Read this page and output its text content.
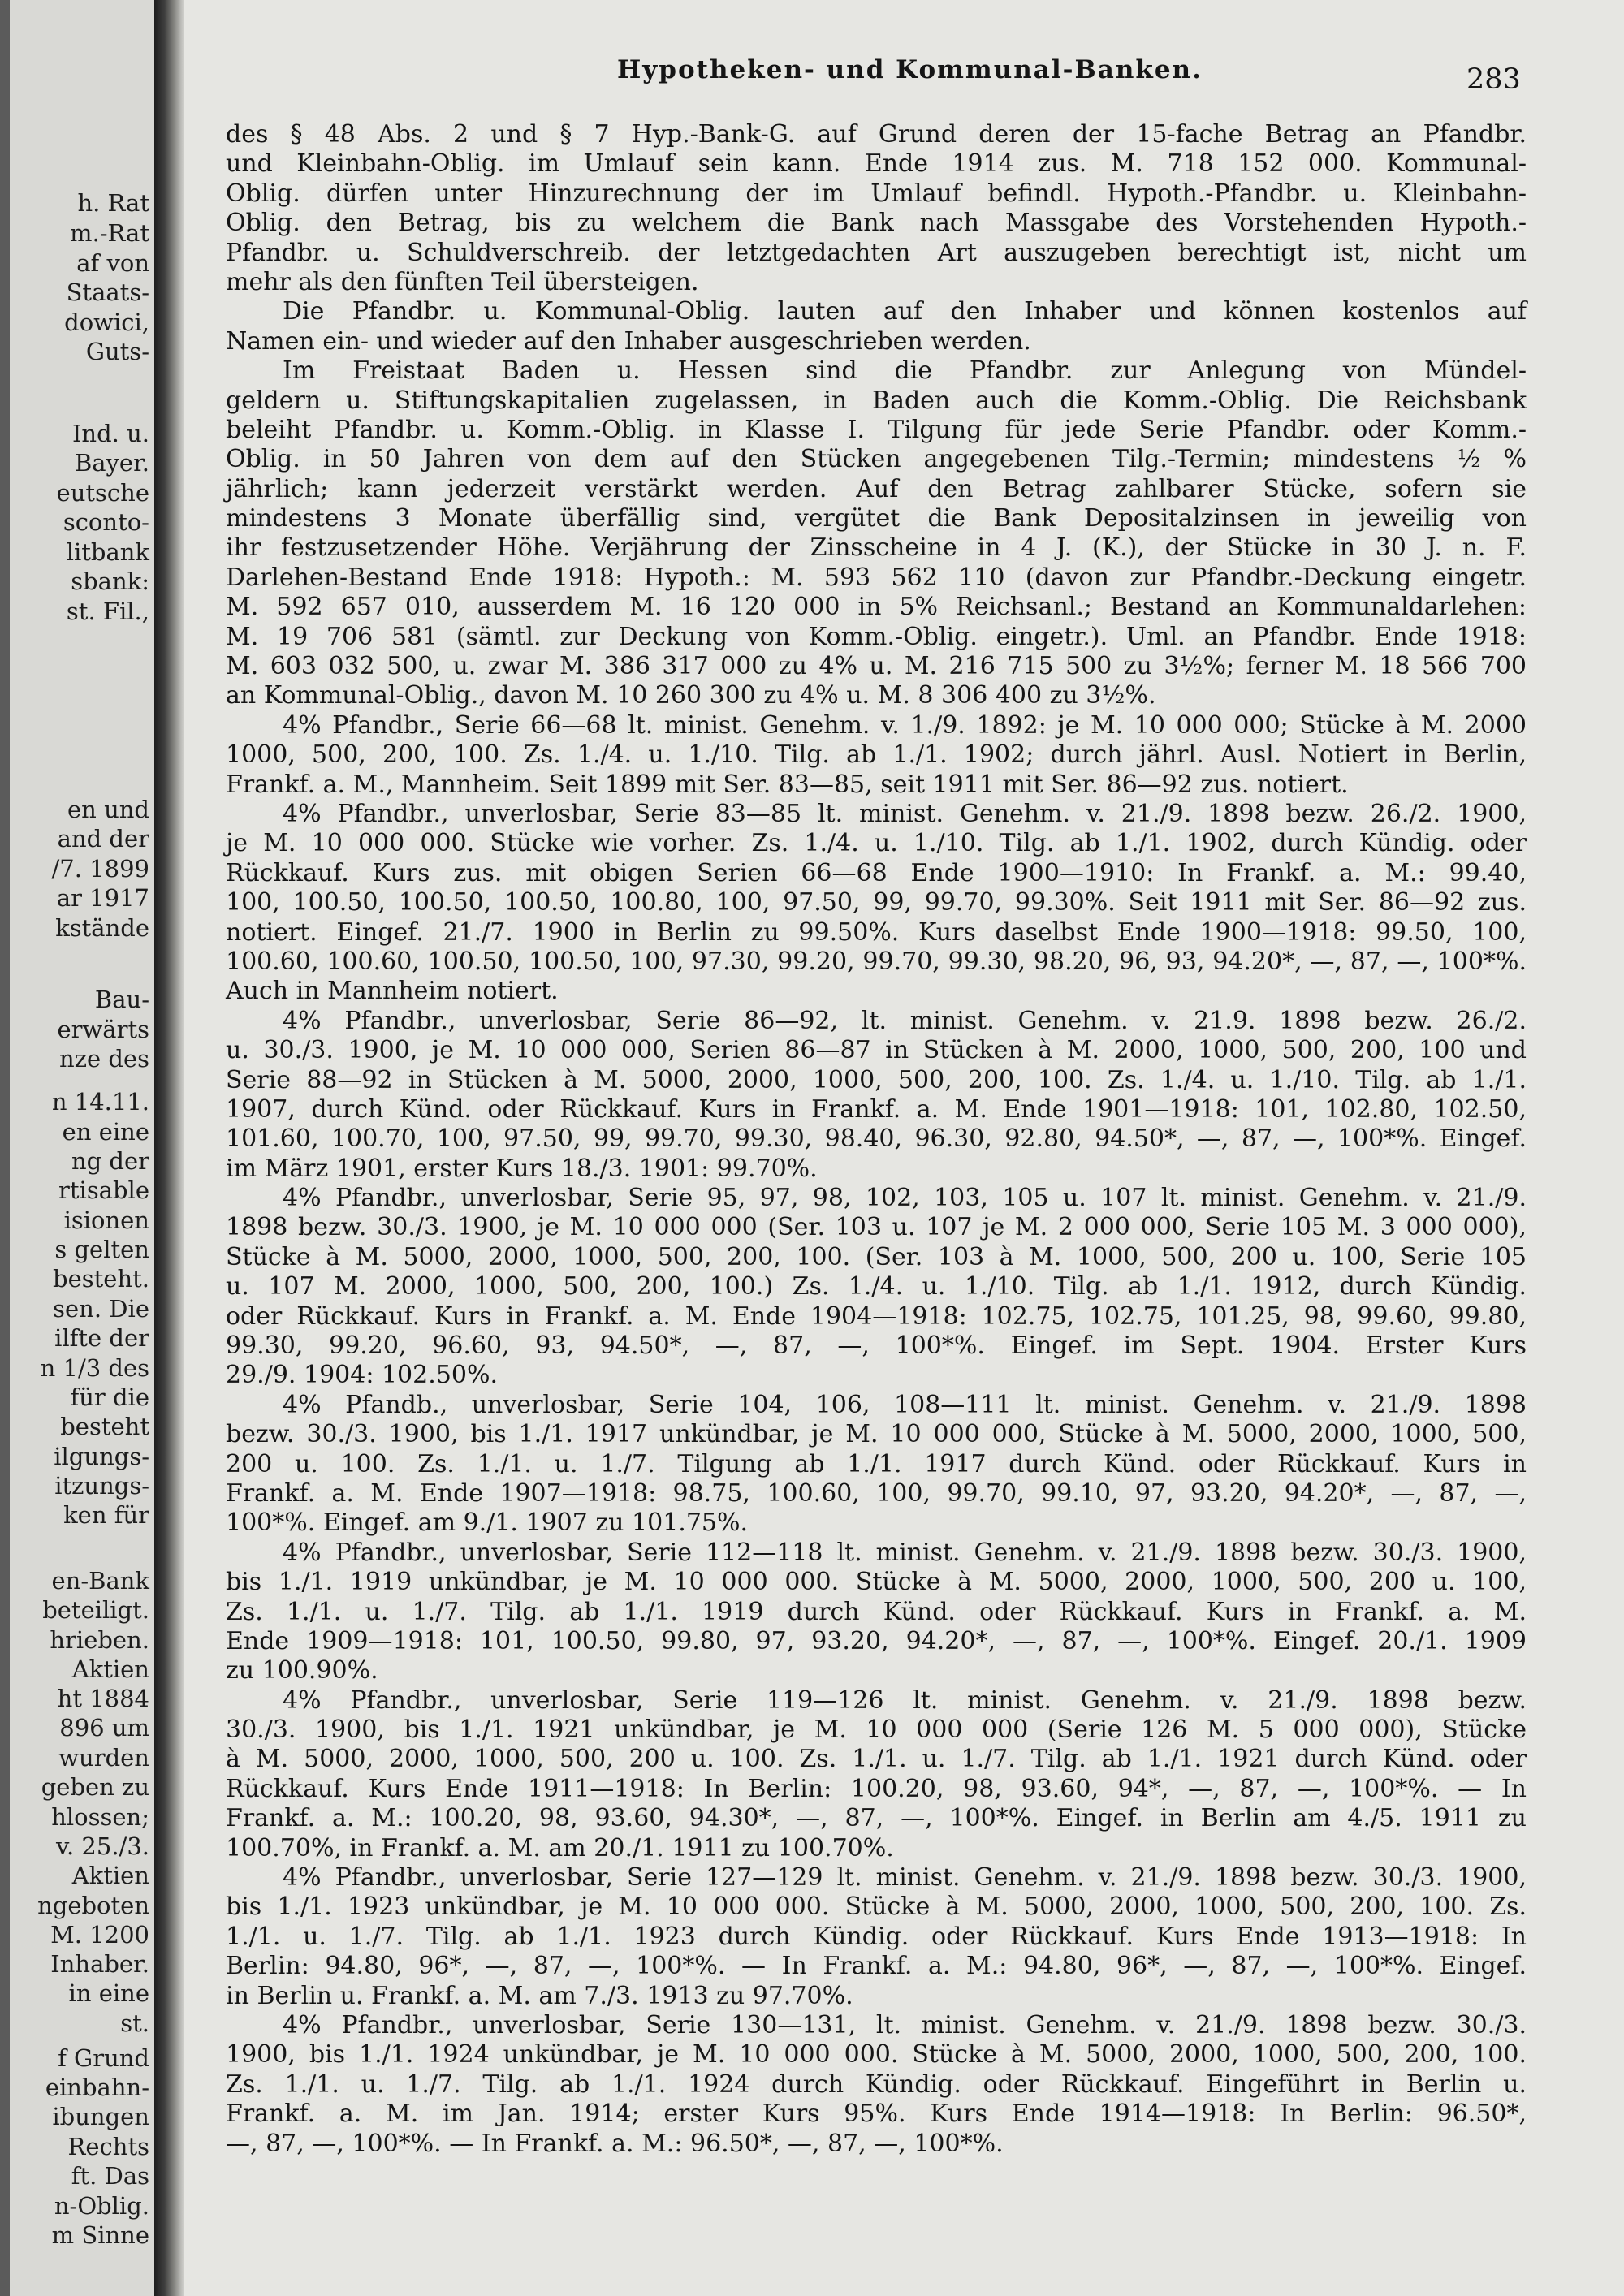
h. Rat
m.-Rat
af von
Staats-
dowici,
Guts-
Ind. u.
Bayer.
eutsche
sconto-
litbank
sbank:
st. Fil.,
en und
and der
/7. 1899
ar 1917
kstände
Bau-
erwärts
nze des
n 14.11.
en eine
ng der
rtisable
isionen
s gelten
besteht.
sen. Die
ilfte der
n 1/3 des
für die
besteht
ilgungs-
itzungs-
ken für
en-Bank
beteiligt.
hrieben.
Aktien
ht 1884
896 um
wurden
geben zu
hlossen;
v. 25./3.
Aktien
ngeboten
M. 1200
Inhaber.
in eine
st.
f Grund
einbahn-
ibungen
Rechts
ft. Das
n-Oblig.
m Sinne
Hypotheken- und Kommunal-Banken.	283
des § 48 Abs. 2 und § 7 Hyp.-Bank-G. auf Grund deren der 15-fache Betrag an Pfandbr.
und Kleinbahn-Oblig. im Umlauf sein kann. Ende 1914 zus. M. 718 152 000. Kommunal-
Oblig. dürfen unter Hinzurechnung der im Umlauf befindl. Hypoth.-Pfandbr. u. Kleinbahn-
Oblig. den Betrag, bis zu welchem die Bank nach Massgabe des Vorstehenden Hypoth.-
Pfandbr. u. Schuldverschreib. der letztgedachten Art auszugeben berechtigt ist, nicht um
mehr als den fünften Teil übersteigen.
Die Pfandbr. u. Kommunal-Oblig. lauten auf den Inhaber und können kostenlos auf
Namen ein- und wieder auf den Inhaber ausgeschrieben werden.
Im Freistaat Baden u. Hessen sind die Pfandbr. zur Anlegung von Mündel-
geldern u. Stiftungskapitalien zugelassen, in Baden auch die Komm.-Oblig. Die Reichsbank
beleiht Pfandbr. u. Komm.-Oblig. in Klasse I. Tilgung für jede Serie Pfandbr. oder Komm.-
Oblig. in 50 Jahren von dem auf den Stücken angegebenen Tilg.-Termin; mindestens ½ %
jährlich; kann jederzeit verstärkt werden. Auf den Betrag zahlbarer Stücke, sofern sie
mindestens 3 Monate überfällig sind, vergütet die Bank Depositalzinsen in jeweilig von
ihr festzusetzender Höhe. Verjährung der Zinsscheine in 4 J. (K.), der Stücke in 30 J. n. F.
Darlehen-Bestand Ende 1918: Hypoth.: M. 593 562 110 (davon zur Pfandbr.-Deckung eingetr.
M. 592 657 010, ausserdem M. 16 120 000 in 5% Reichsanl.; Bestand an Kommunaldarlehen:
M. 19 706 581 (sämtl. zur Deckung von Komm.-Oblig. eingetr.). Uml. an Pfandbr. Ende 1918:
M. 603 032 500, u. zwar M. 386 317 000 zu 4% u. M. 216 715 500 zu 3½%; ferner M. 18 566 700
an Kommunal-Oblig., davon M. 10 260 300 zu 4% u. M. 8 306 400 zu 3½%.
4% Pfandbr., Serie 66—68 lt. minist. Genehm. v. 1./9. 1892: je M. 10 000 000; Stücke à M. 2000
1000, 500, 200, 100. Zs. 1./4. u. 1./10. Tilg. ab 1./1. 1902; durch jährl. Ausl. Notiert in Berlin,
Frankf. a. M., Mannheim. Seit 1899 mit Ser. 83—85, seit 1911 mit Ser. 86—92 zus. notiert.
4% Pfandbr., unverlosbar, Serie 83—85 lt. minist. Genehm. v. 21./9. 1898 bezw. 26./2. 1900,
je M. 10 000 000. Stücke wie vorher. Zs. 1./4. u. 1./10. Tilg. ab 1./1. 1902, durch Kündig. oder
Rückkauf. Kurs zus. mit obigen Serien 66—68 Ende 1900—1910: In Frankf. a. M.: 99.40,
100, 100.50, 100.50, 100.50, 100.80, 100, 97.50, 99, 99.70, 99.30%. Seit 1911 mit Ser. 86—92 zus.
notiert. Eingef. 21./7. 1900 in Berlin zu 99.50%. Kurs daselbst Ende 1900—1918: 99.50, 100,
100.60, 100.60, 100.50, 100.50, 100, 97.30, 99.20, 99.70, 99.30, 98.20, 96, 93, 94.20*, —, 87, —, 100*%.
Auch in Mannheim notiert.
4% Pfandbr., unverlosbar, Serie 86—92, lt. minist. Genehm. v. 21.9. 1898 bezw. 26./2.
u. 30./3. 1900, je M. 10 000 000, Serien 86—87 in Stücken à M. 2000, 1000, 500, 200, 100 und
Serie 88—92 in Stücken à M. 5000, 2000, 1000, 500, 200, 100. Zs. 1./4. u. 1./10. Tilg. ab 1./1.
1907, durch Künd. oder Rückkauf. Kurs in Frankf. a. M. Ende 1901—1918: 101, 102.80, 102.50,
101.60, 100.70, 100, 97.50, 99, 99.70, 99.30, 98.40, 96.30, 92.80, 94.50*, —, 87, —, 100*%. Eingef.
im März 1901, erster Kurs 18./3. 1901: 99.70%.
4% Pfandbr., unverlosbar, Serie 95, 97, 98, 102, 103, 105 u. 107 lt. minist. Genehm. v. 21./9.
1898 bezw. 30./3. 1900, je M. 10 000 000 (Ser. 103 u. 107 je M. 2 000 000, Serie 105 M. 3 000 000),
Stücke à M. 5000, 2000, 1000, 500, 200, 100. (Ser. 103 à M. 1000, 500, 200 u. 100, Serie 105
u. 107 M. 2000, 1000, 500, 200, 100.) Zs. 1./4. u. 1./10. Tilg. ab 1./1. 1912, durch Kündig.
oder Rückkauf. Kurs in Frankf. a. M. Ende 1904—1918: 102.75, 102.75, 101.25, 98, 99.60, 99.80,
99.30, 99.20, 96.60, 93, 94.50*, —, 87, —, 100*%. Eingef. im Sept. 1904. Erster Kurs
29./9. 1904: 102.50%.
4% Pfandb., unverlosbar, Serie 104, 106, 108—111 lt. minist. Genehm. v. 21./9. 1898
bezw. 30./3. 1900, bis 1./1. 1917 unkündbar, je M. 10 000 000, Stücke à M. 5000, 2000, 1000, 500,
200 u. 100. Zs. 1./1. u. 1./7. Tilgung ab 1./1. 1917 durch Künd. oder Rückkauf. Kurs in
Frankf. a. M. Ende 1907—1918: 98.75, 100.60, 100, 99.70, 99.10, 97, 93.20, 94.20*, —, 87, —,
100*%. Eingef. am 9./1. 1907 zu 101.75%.
4% Pfandbr., unverlosbar, Serie 112—118 lt. minist. Genehm. v. 21./9. 1898 bezw. 30./3. 1900,
bis 1./1. 1919 unkündbar, je M. 10 000 000. Stücke à M. 5000, 2000, 1000, 500, 200 u. 100,
Zs. 1./1. u. 1./7. Tilg. ab 1./1. 1919 durch Künd. oder Rückkauf. Kurs in Frankf. a. M.
Ende 1909—1918: 101, 100.50, 99.80, 97, 93.20, 94.20*, —, 87, —, 100*%. Eingef. 20./1. 1909
zu 100.90%.
4% Pfandbr., unverlosbar, Serie 119—126 lt. minist. Genehm. v. 21./9. 1898 bezw.
30./3. 1900, bis 1./1. 1921 unkündbar, je M. 10 000 000 (Serie 126 M. 5 000 000), Stücke
à M. 5000, 2000, 1000, 500, 200 u. 100. Zs. 1./1. u. 1./7. Tilg. ab 1./1. 1921 durch Künd. oder
Rückkauf. Kurs Ende 1911—1918: In Berlin: 100.20, 98, 93.60, 94*, —, 87, —, 100*%. — In
Frankf. a. M.: 100.20, 98, 93.60, 94.30*, —, 87, —, 100*%. Eingef. in Berlin am 4./5. 1911 zu
100.70%, in Frankf. a. M. am 20./1. 1911 zu 100.70%.
4% Pfandbr., unverlosbar, Serie 127—129 lt. minist. Genehm. v. 21./9. 1898 bezw. 30./3. 1900,
bis 1./1. 1923 unkündbar, je M. 10 000 000. Stücke à M. 5000, 2000, 1000, 500, 200, 100. Zs.
1./1. u. 1./7. Tilg. ab 1./1. 1923 durch Kündig. oder Rückkauf. Kurs Ende 1913—1918: In
Berlin: 94.80, 96*, —, 87, —, 100*%. — In Frankf. a. M.: 94.80, 96*, —, 87, —, 100*%. Eingef.
in Berlin u. Frankf. a. M. am 7./3. 1913 zu 97.70%.
4% Pfandbr., unverlosbar, Serie 130—131, lt. minist. Genehm. v. 21./9. 1898 bezw. 30./3.
1900, bis 1./1. 1924 unkündbar, je M. 10 000 000. Stücke à M. 5000, 2000, 1000, 500, 200, 100.
Zs. 1./1. u. 1./7. Tilg. ab 1./1. 1924 durch Kündig. oder Rückkauf. Eingeführt in Berlin u.
Frankf. a. M. im Jan. 1914; erster Kurs 95%. Kurs Ende 1914—1918: In Berlin: 96.50*,
—, 87, —, 100*%. — In Frankf. a. M.: 96.50*, —, 87, —, 100*%.
